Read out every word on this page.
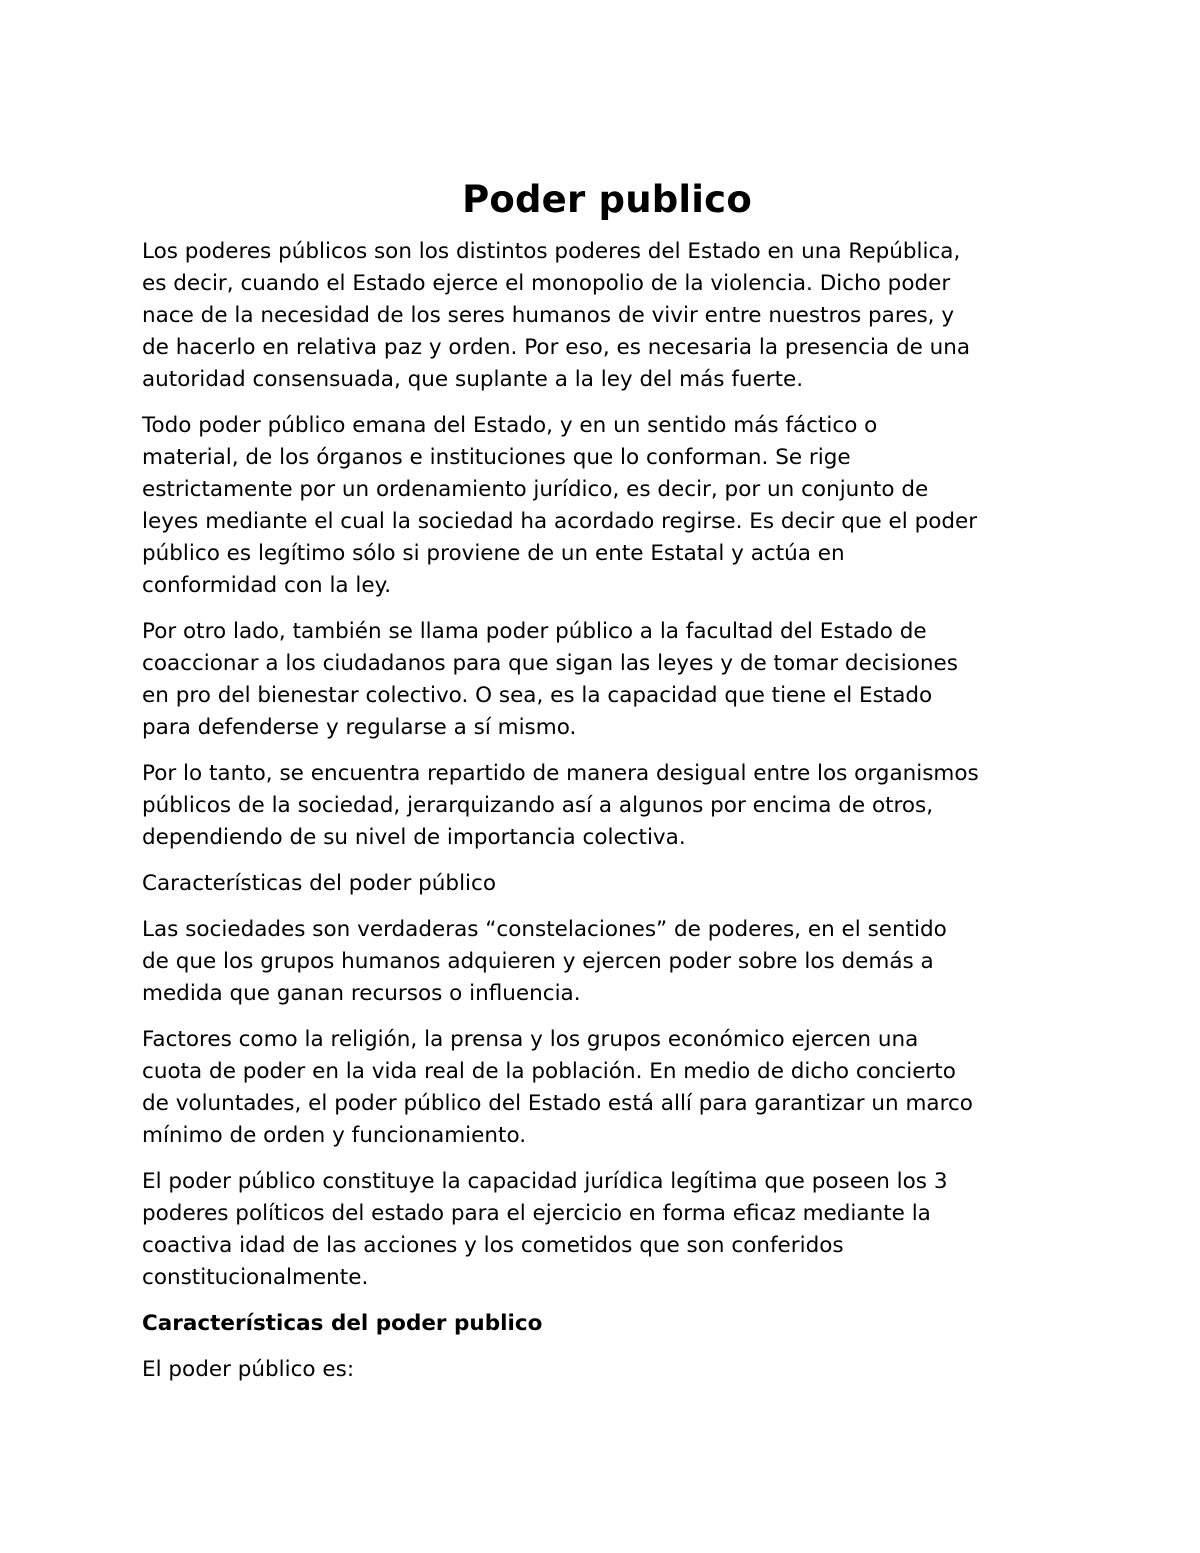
Poder publico

Los poderes públicos son los distintos poderes del Estado en una República,
es decir, cuando el Estado ejerce el monopolio de la violencia. Dicho poder
nace de la necesidad de los seres humanos de vivir entre nuestros pares, y
de hacerlo en relativa paz y orden. Por eso, es necesaria la presencia de una
autoridad consensuada, que suplante a la ley del más fuerte.

Todo poder público emana del Estado, y en un sentido más fáctico o
material, de los órganos e instituciones que lo conforman. Se rige
estrictamente por un ordenamiento jurídico, es decir, por un conjunto de
leyes mediante el cual la sociedad ha acordado regirse. Es decir que el poder
público es legítimo sólo si proviene de un ente Estatal y actúa en
conformidad con la ley.

Por otro lado, también se llama poder público a la facultad del Estado de
coaccionar a los ciudadanos para que sigan las leyes y de tomar decisiones
en pro del bienestar colectivo. O sea, es la capacidad que tiene el Estado
para defenderse y regularse a sí mismo.

Por lo tanto, se encuentra repartido de manera desigual entre los organismos
públicos de la sociedad, jerarquizando así a algunos por encima de otros,
dependiendo de su nivel de importancia colectiva.

Características del poder público

Las sociedades son verdaderas “constelaciones” de poderes, en el sentido
de que los grupos humanos adquieren y ejercen poder sobre los demás a
medida que ganan recursos o influencia.

Factores como la religión, la prensa y los grupos económico ejercen una
cuota de poder en la vida real de la población. En medio de dicho concierto
de voluntades, el poder público del Estado está allí para garantizar un marco
mínimo de orden y funcionamiento.

El poder público constituye la capacidad jurídica legítima que poseen los 3
poderes políticos del estado para el ejercicio en forma eficaz mediante la
coactiva idad de las acciones y los cometidos que son conferidos
constitucionalmente.

Características del poder publico

El poder público es:
